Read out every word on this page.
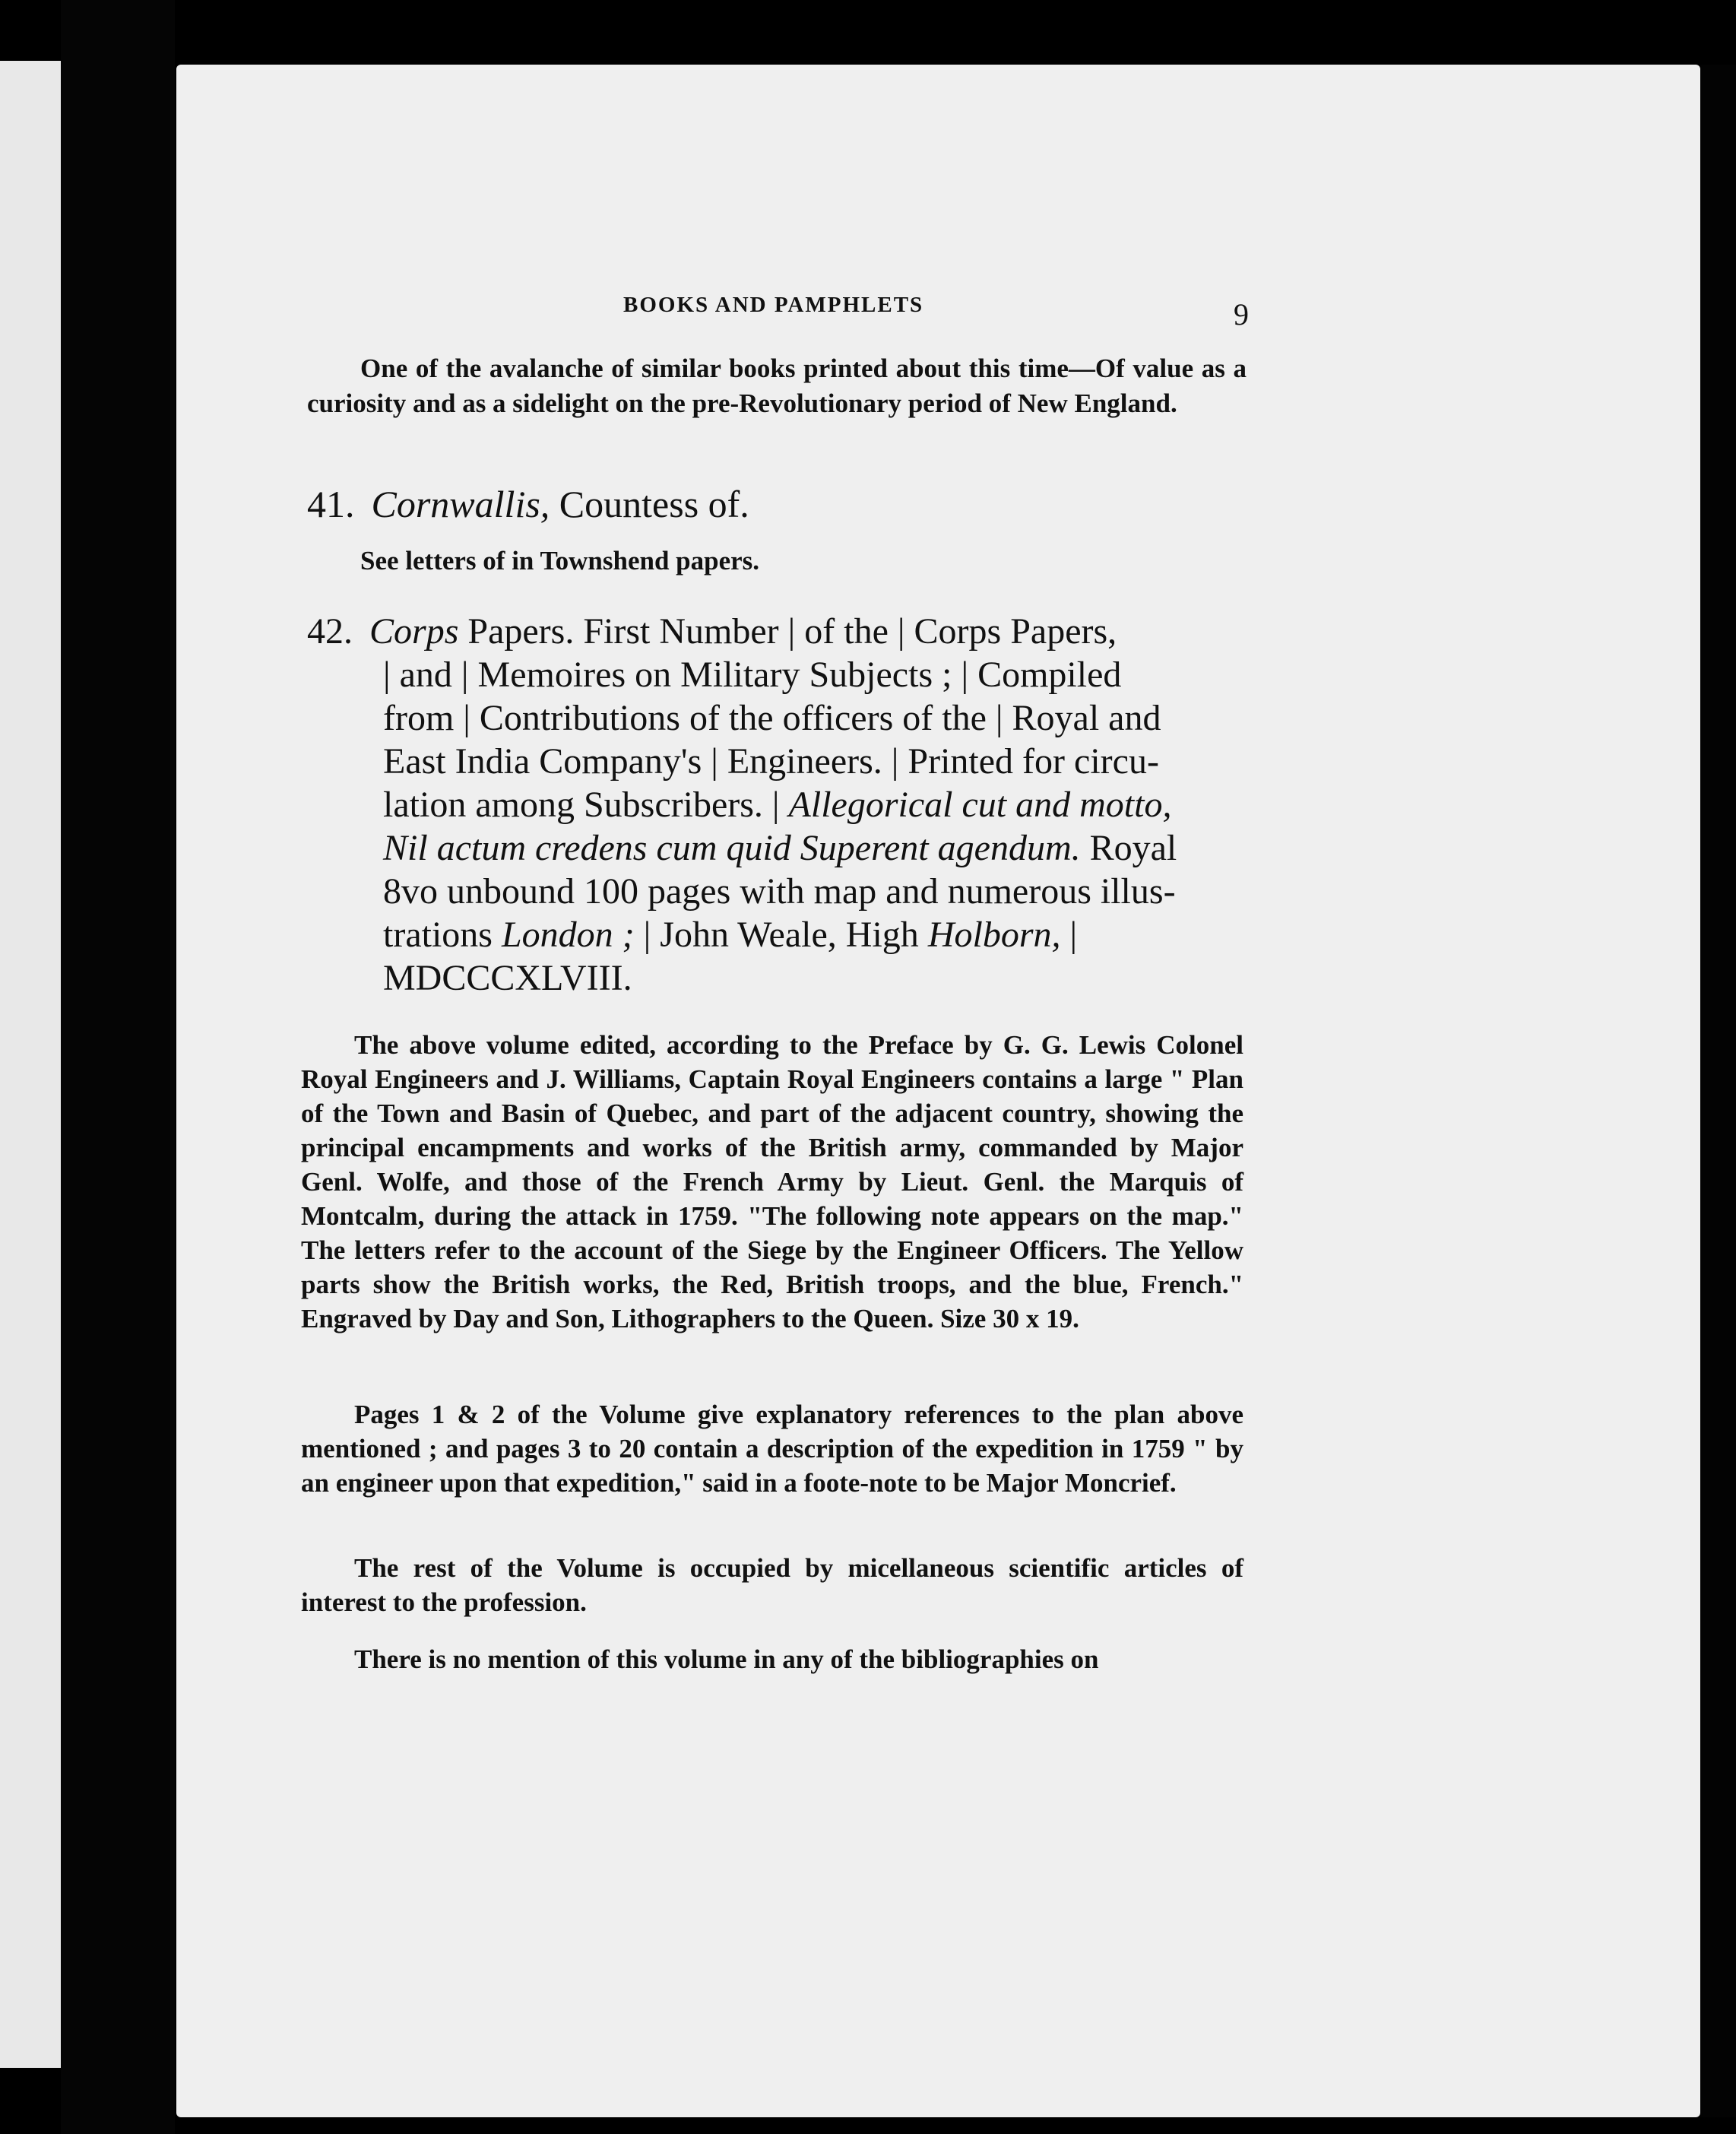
BOOKS AND PAMPHLETS	9
One of the avalanche of similar books printed about this time—Of value as a curiosity and as a sidelight on the pre-Revolutionary period of New England.
41. Cornwallis, Countess of.
See letters of in Townshend papers.
42. Corps Papers. First Number | of the | Corps Papers,
| and | Memoires on Military Subjects ; | Compiled
from | Contributions of the officers of the | Royal and
East India Company's | Engineers. | Printed for circu-
lation among Subscribers. | Allegorical cut and motto,
Nil actum credens cum quid Superent agendum. Royal
8vo unbound 100 pages with map and numerous illus-
trations London ; | John Weale, High Holborn, |
MDCCCXLVIII.
The above volume edited, according to the Preface by G. G. Lewis Colonel Royal Engineers and J. Williams, Captain Royal Engineers contains a large " Plan of the Town and Basin of Quebec, and part of the adjacent country, showing the principal encampments and works of the British army, commanded by Major Genl. Wolfe, and those of the French Army by Lieut. Genl. the Marquis of Montcalm, during the attack in 1759. "The following note appears on the map." The letters refer to the account of the Siege by the Engineer Officers. The Yellow parts show the British works, the Red, British troops, and the blue, French." Engraved by Day and Son, Lithographers to the Queen. Size 30 x 19.
Pages 1 & 2 of the Volume give explanatory references to the plan above mentioned ; and pages 3 to 20 contain a description of the expedition in 1759 " by an engineer upon that expedition," said in a foote-note to be Major Moncrief.
The rest of the Volume is occupied by micellaneous scientific articles of interest to the profession.
There is no mention of this volume in any of the bibliographies on
